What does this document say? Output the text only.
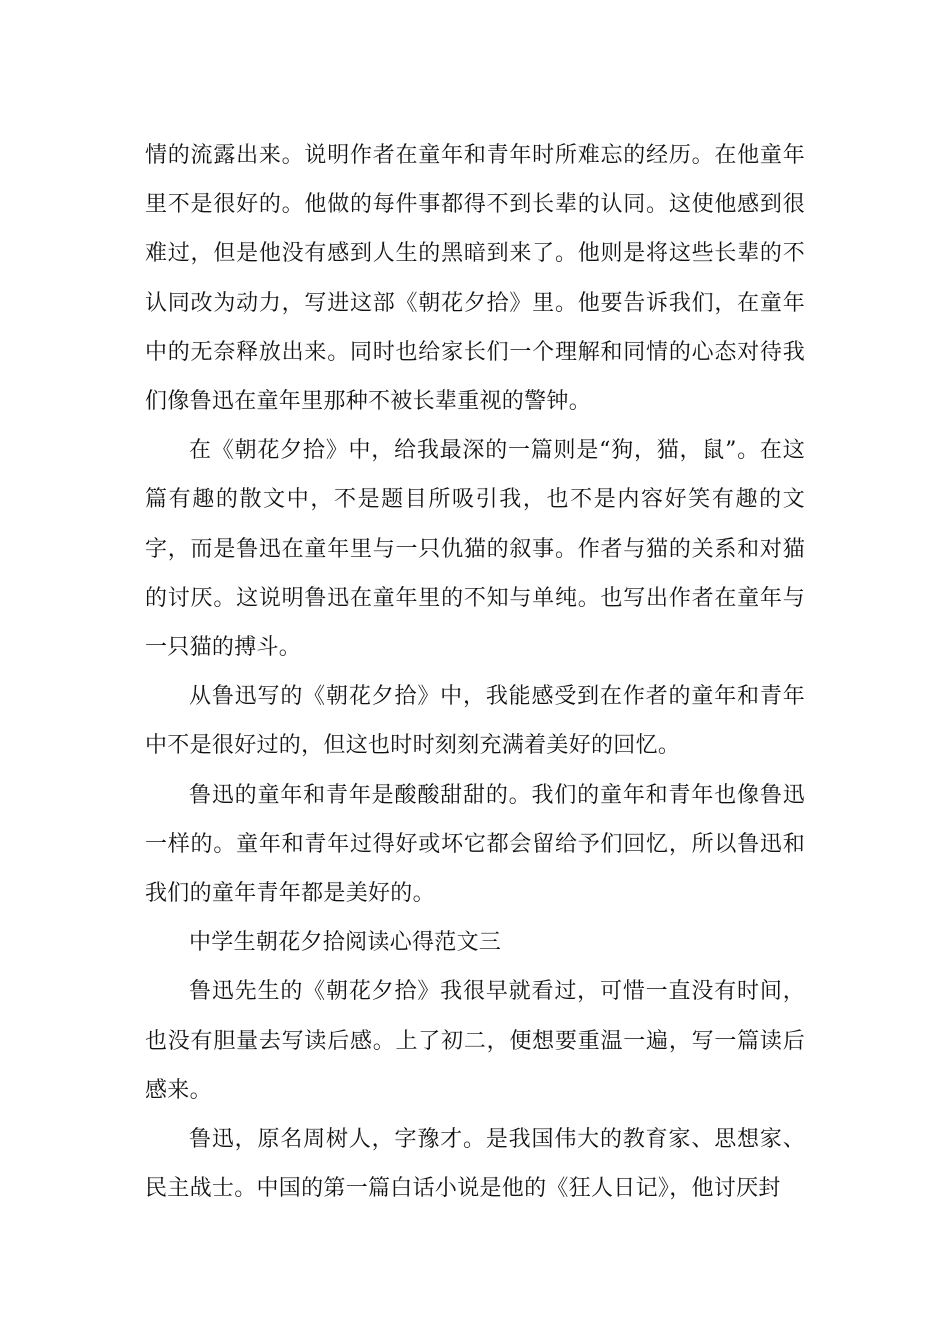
情的流露出来。说明作者在童年和青年时所难忘的经历。在他童年里不是很好的。他做的每件事都得不到长辈的认同。这使他感到很难过，但是他没有感到人生的黑暗到来了。他则是将这些长辈的不认同改为动力，写进这部《朝花夕拾》里。他要告诉我们，在童年中的无奈释放出来。同时也给家长们一个理解和同情的心态对待我们像鲁迅在童年里那种不被长辈重视的警钟。

在《朝花夕拾》中，给我最深的一篇则是“狗，猫，鼠”。在这篇有趣的散文中，不是题目所吸引我，也不是内容好笑有趣的文字，而是鲁迅在童年里与一只仇猫的叙事。作者与猫的关系和对猫的讨厌。这说明鲁迅在童年里的不知与单纯。也写出作者在童年与一只猫的搏斗。

从鲁迅写的《朝花夕拾》中，我能感受到在作者的童年和青年中不是很好过的，但这也时时刻刻充满着美好的回忆。

鲁迅的童年和青年是酸酸甜甜的。我们的童年和青年也像鲁迅一样的。童年和青年过得好或坏它都会留给予们回忆，所以鲁迅和我们的童年青年都是美好的。

中学生朝花夕拾阅读心得范文三

鲁迅先生的《朝花夕拾》我很早就看过，可惜一直没有时间，也没有胆量去写读后感。上了初二，便想要重温一遍，写一篇读后感来。

鲁迅，原名周树人，字豫才。是我国伟大的教育家、思想家、民主战士。中国的第一篇白话小说是他的《狂人日记》，他讨厌封
